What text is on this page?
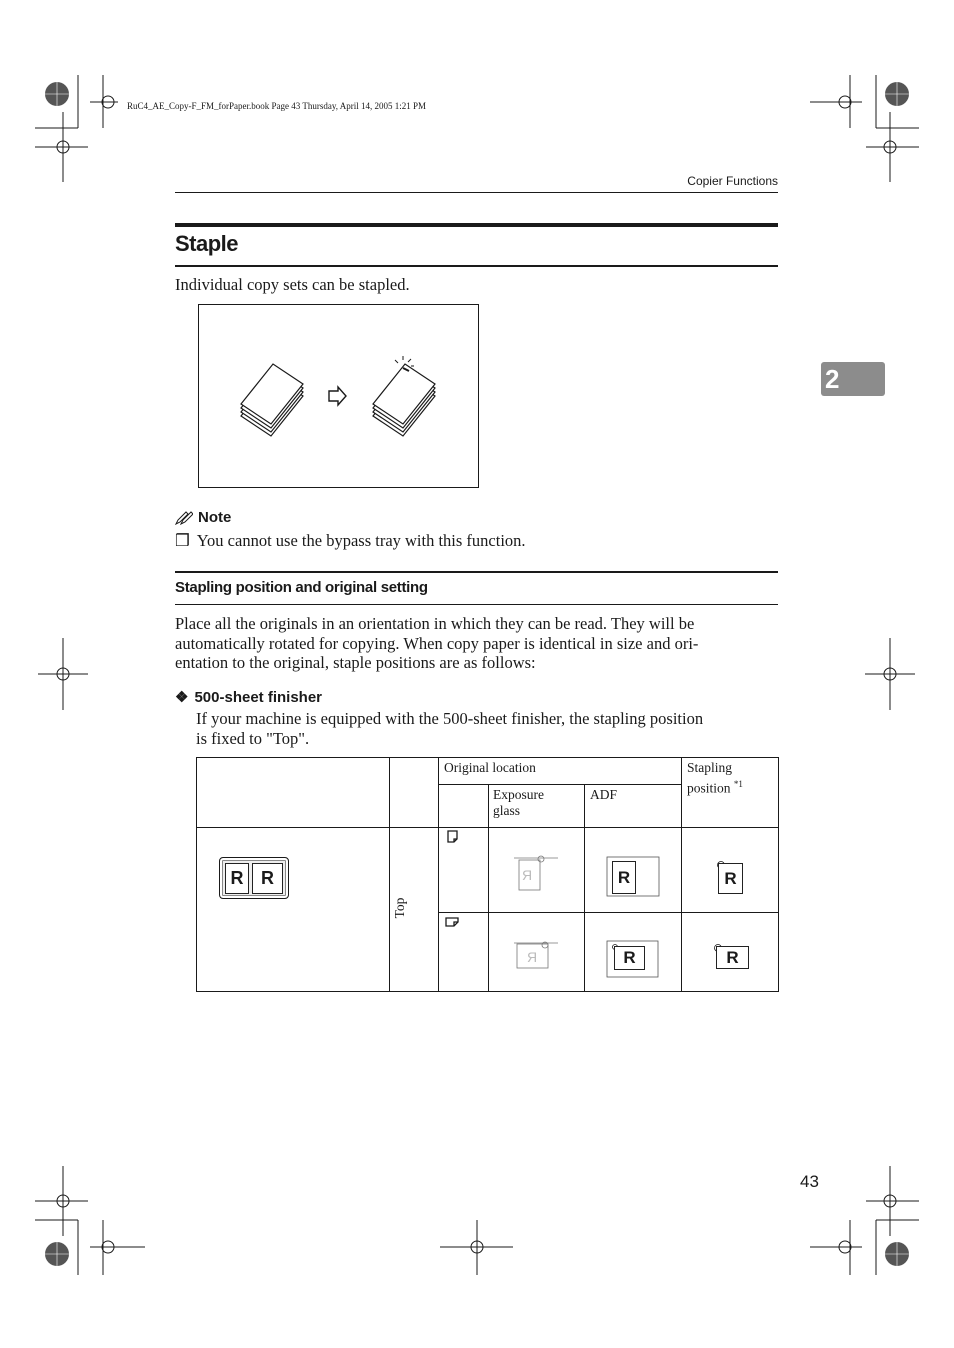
RuC4_AE_Copy-F_FM_forPaper.book Page 43 Thursday, April 14, 2005 1:21 PM
Copier Functions
Staple
Individual copy sets can be stapled.
Note
❒ You cannot use the bypass tray with this function.
Stapling position and original setting
Place all the originals in an orientation in which they can be read. They will be
automatically rotated for copying. When copy paper is identical in size and ori-
entation to the original, staple positions are as follows:
❖ 500-sheet finisher
If your machine is equipped with the 500-sheet finisher, the stapling position
is fixed to "Top".
Я
Я
Original location
Exposure
glass
ADF
Stapling
position $^{*1}$
Top
R R	R
R
R
R
2
43
